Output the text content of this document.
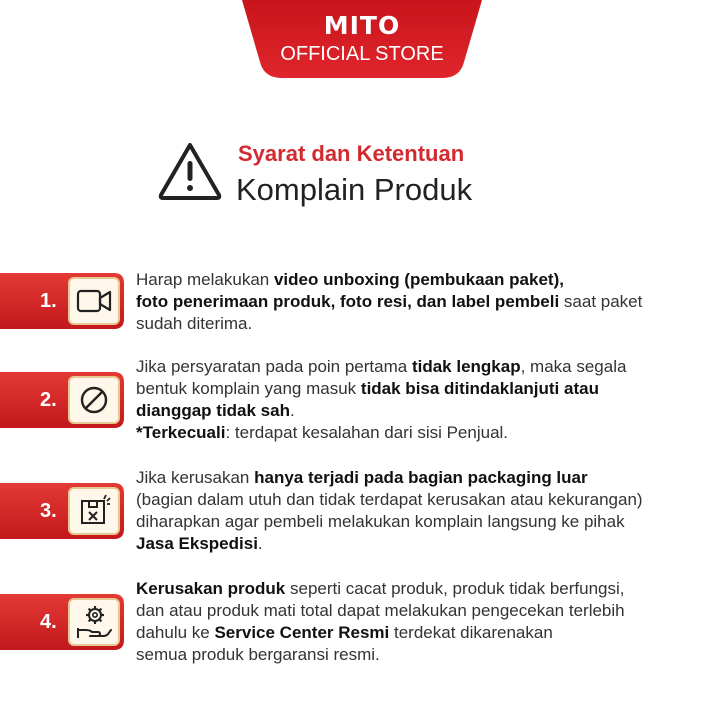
MITO
OFFICIAL STORE
Syarat dan Ketentuan
Komplain Produk
1.
Harap melakukan video unboxing (pembukaan paket),
foto penerimaan produk, foto resi, dan label pembeli saat paket
sudah diterima.
2.
Jika persyaratan pada poin pertama tidak lengkap, maka segala
bentuk komplain yang masuk tidak bisa ditindaklanjuti atau
dianggap tidak sah.
*Terkecuali: terdapat kesalahan dari sisi Penjual.
3.
Jika kerusakan hanya terjadi pada bagian packaging luar
(bagian dalam utuh dan tidak terdapat kerusakan atau kekurangan)
diharapkan agar pembeli melakukan komplain langsung ke pihak
Jasa Ekspedisi.
4.
Kerusakan produk seperti cacat produk, produk tidak berfungsi,
dan atau produk mati total dapat melakukan pengecekan terlebih
dahulu ke Service Center Resmi terdekat dikarenakan
semua produk bergaransi resmi.
